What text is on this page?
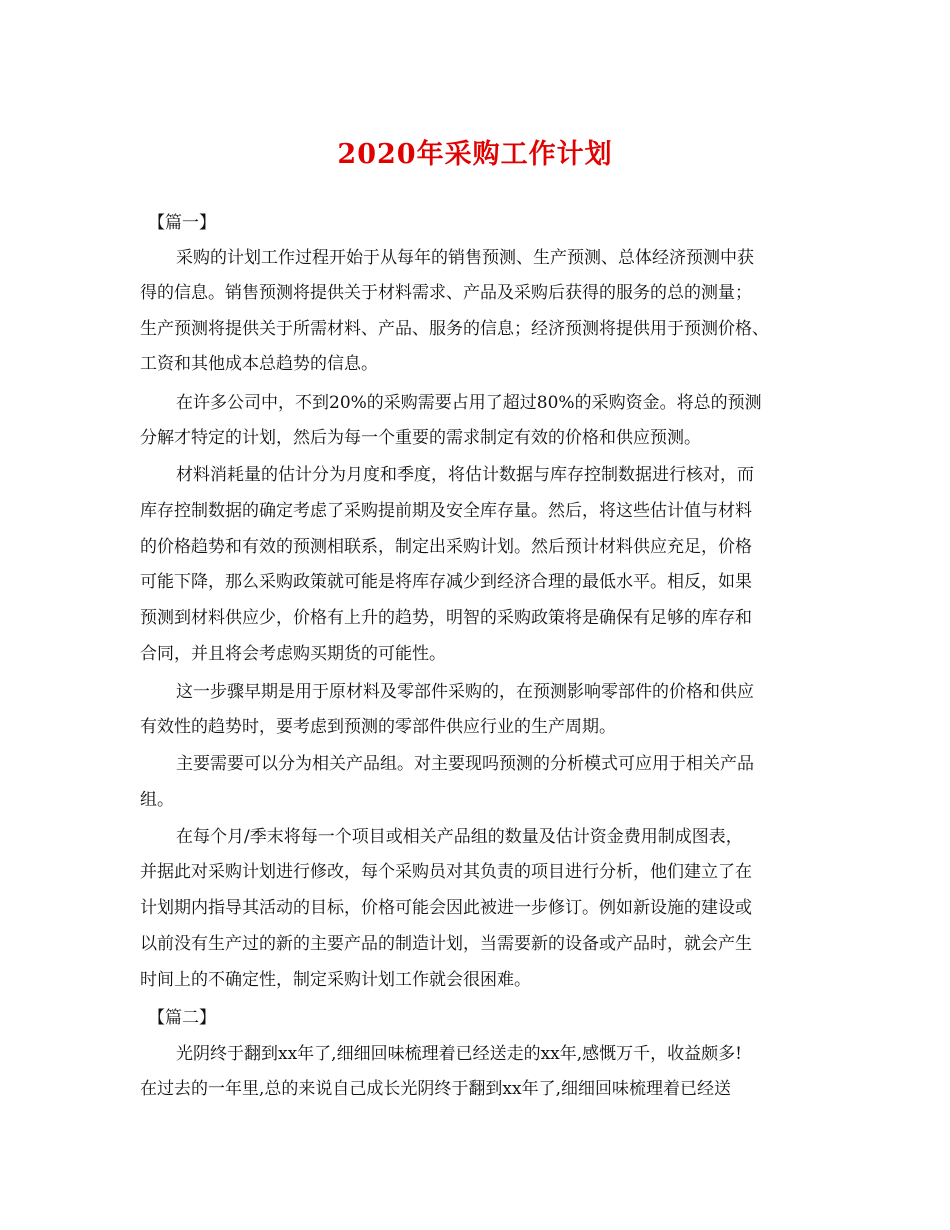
2020年采购工作计划
【篇一】
采购的计划工作过程开始于从每年的销售预测、生产预测、总体经济预测中获
得的信息。销售预测将提供关于材料需求、产品及采购后获得的服务的总的测量；
生产预测将提供关于所需材料、产品、服务的信息；经济预测将提供用于预测价格、
工资和其他成本总趋势的信息。
在许多公司中，不到20%的采购需要占用了超过80%的采购资金。将总的预测
分解才特定的计划，然后为每一个重要的需求制定有效的价格和供应预测。
材料消耗量的估计分为月度和季度，将估计数据与库存控制数据进行核对，而
库存控制数据的确定考虑了采购提前期及安全库存量。然后，将这些估计值与材料
的价格趋势和有效的预测相联系，制定出采购计划。然后预计材料供应充足，价格
可能下降，那么采购政策就可能是将库存减少到经济合理的最低水平。相反，如果
预测到材料供应少，价格有上升的趋势，明智的采购政策将是确保有足够的库存和
合同，并且将会考虑购买期货的可能性。
这一步骤早期是用于原材料及零部件采购的，在预测影响零部件的价格和供应
有效性的趋势时，要考虑到预测的零部件供应行业的生产周期。
主要需要可以分为相关产品组。对主要现吗预测的分析模式可应用于相关产品
组。
在每个月/季末将每一个项目或相关产品组的数量及估计资金费用制成图表，
并据此对采购计划进行修改，每个采购员对其负责的项目进行分析，他们建立了在
计划期内指导其活动的目标，价格可能会因此被进一步修订。例如新设施的建设或
以前没有生产过的新的主要产品的制造计划，当需要新的设备或产品时，就会产生
时间上的不确定性，制定采购计划工作就会很困难。
【篇二】
光阴终于翻到xx年了,细细回味梳理着已经送走的xx年,感慨万千，收益颇多!
在过去的一年里,总的来说自己成长光阴终于翻到xx年了,细细回味梳理着已经送
